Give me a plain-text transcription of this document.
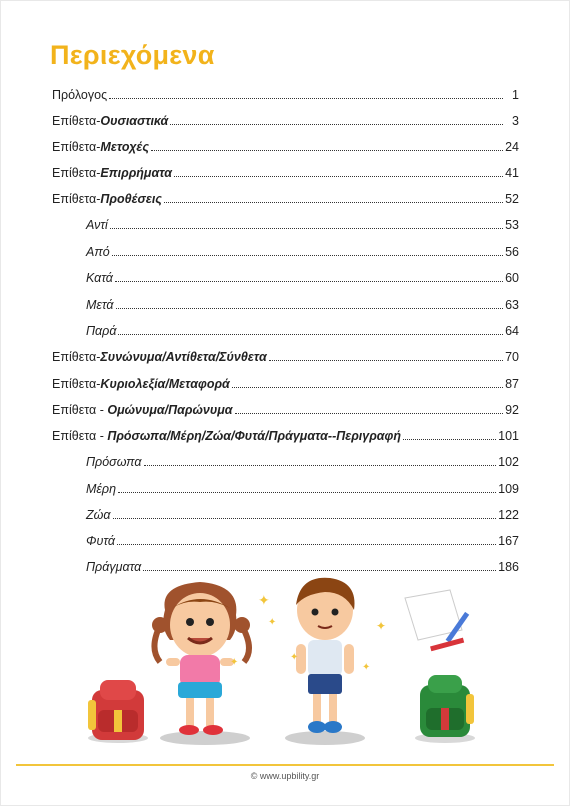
Περιεχόμενα
Πρόλογος	1
Επίθετα-Ουσιαστικά	3
Επίθετα-Μετοχές	24
Επίθετα-Επιρρήματα	41
Επίθετα-Προθέσεις	52
Αντί	53
Από	56
Κατά	60
Μετά	63
Παρά	64
Επίθετα-Συνώνυμα/Αντίθετα/Σύνθετα	70
Επίθετα-Κυριολεξία/Μεταφορά	87
Επίθετα - Ομώνυμα/Παρώνυμα	92
Επίθετα - Πρόσωπα/Μέρη/Ζώα/Φυτά/Πράγματα--Περιγραφή	101
Πρόσωπα	102
Μέρη	109
Ζώα	122
Φυτά	167
Πράγματα	186
✦
✦	✦
✦
✦
✦
© www.upbility.gr
